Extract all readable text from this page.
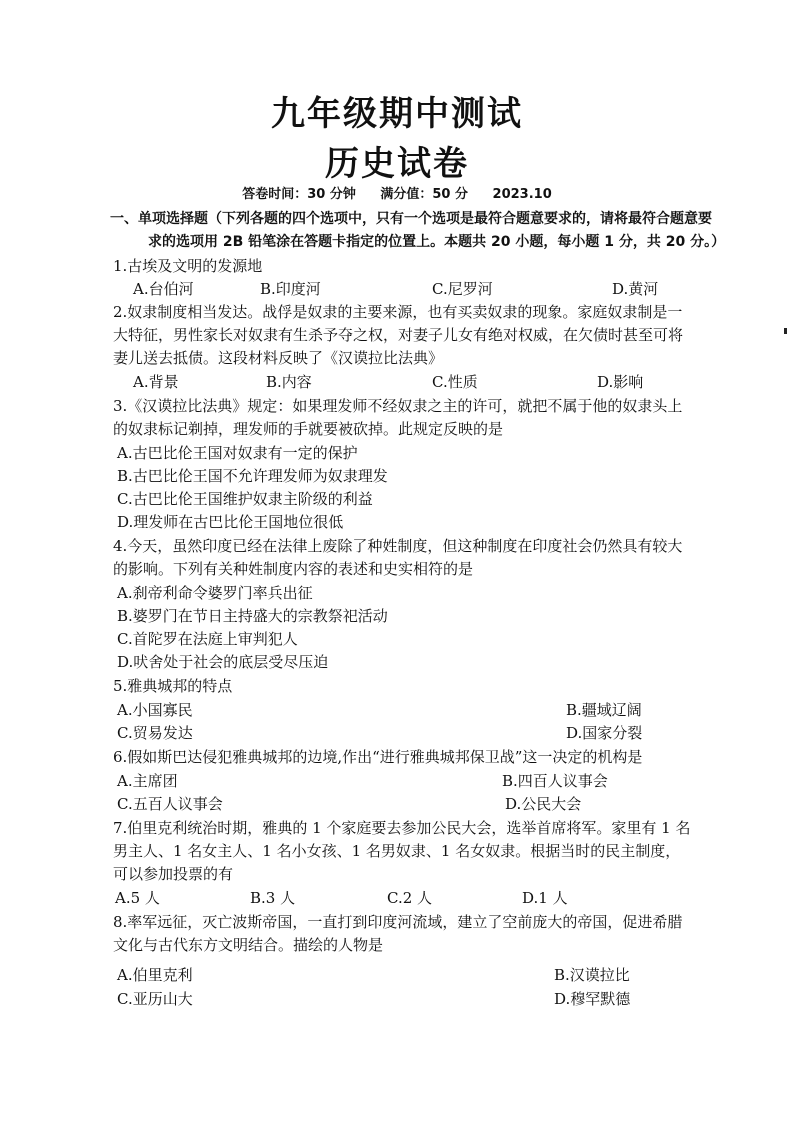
九年级期中测试
历史试卷
答卷时间：30 分钟 满分值：50 分 2023.10
一、单项选择题（下列各题的四个选项中，只有一个选项是最符合题意要求的，请将最符合题意要
求的选项用 2B 铅笔涂在答题卡指定的位置上。本题共 20 小题，每小题 1 分，共 20 分。）
1.古埃及文明的发源地
A.台伯河	B.印度河	C.尼罗河	D.黄河
2.奴隶制度相当发达。战俘是奴隶的主要来源，也有买卖奴隶的现象。家庭奴隶制是一
大特征，男性家长对奴隶有生杀予夺之权，对妻子儿女有绝对权威，在欠债时甚至可将
妻儿送去抵债。这段材料反映了《汉谟拉比法典》
A.背景	B.内容	C.性质	D.影响
3.《汉谟拉比法典》规定：如果理发师不经奴隶之主的许可，就把不属于他的奴隶头上
的奴隶标记剃掉，理发师的手就要被砍掉。此规定反映的是
A.古巴比伦王国对奴隶有一定的保护
B.古巴比伦王国不允许理发师为奴隶理发
C.古巴比伦王国维护奴隶主阶级的利益
D.理发师在古巴比伦王国地位很低
4.今天，虽然印度已经在法律上废除了种姓制度，但这种制度在印度社会仍然具有较大
的影响。下列有关种姓制度内容的表述和史实相符的是
A.刹帝利命令婆罗门率兵出征
B.婆罗门在节日主持盛大的宗教祭祀活动
C.首陀罗在法庭上审判犯人
D.吠舍处于社会的底层受尽压迫
5.雅典城邦的特点
A.小国寡民	B.疆域辽阔
C.贸易发达	D.国家分裂
6.假如斯巴达侵犯雅典城邦的边境,作出“进行雅典城邦保卫战”这一决定的机构是
A.主席团	B.四百人议事会
C.五百人议事会	D.公民大会
7.伯里克利统治时期，雅典的 1 个家庭要去参加公民大会，选举首席将军。家里有 1 名
男主人、1 名女主人、1 名小女孩、1 名男奴隶、1 名女奴隶。根据当时的民主制度，
可以参加投票的有
A.5 人	B.3 人	C.2 人	D.1 人
8.率军远征，灭亡波斯帝国，一直打到印度河流域，建立了空前庞大的帝国，促进希腊
文化与古代东方文明结合。描绘的人物是
A.伯里克利	B.汉谟拉比
C.亚历山大	D.穆罕默德
